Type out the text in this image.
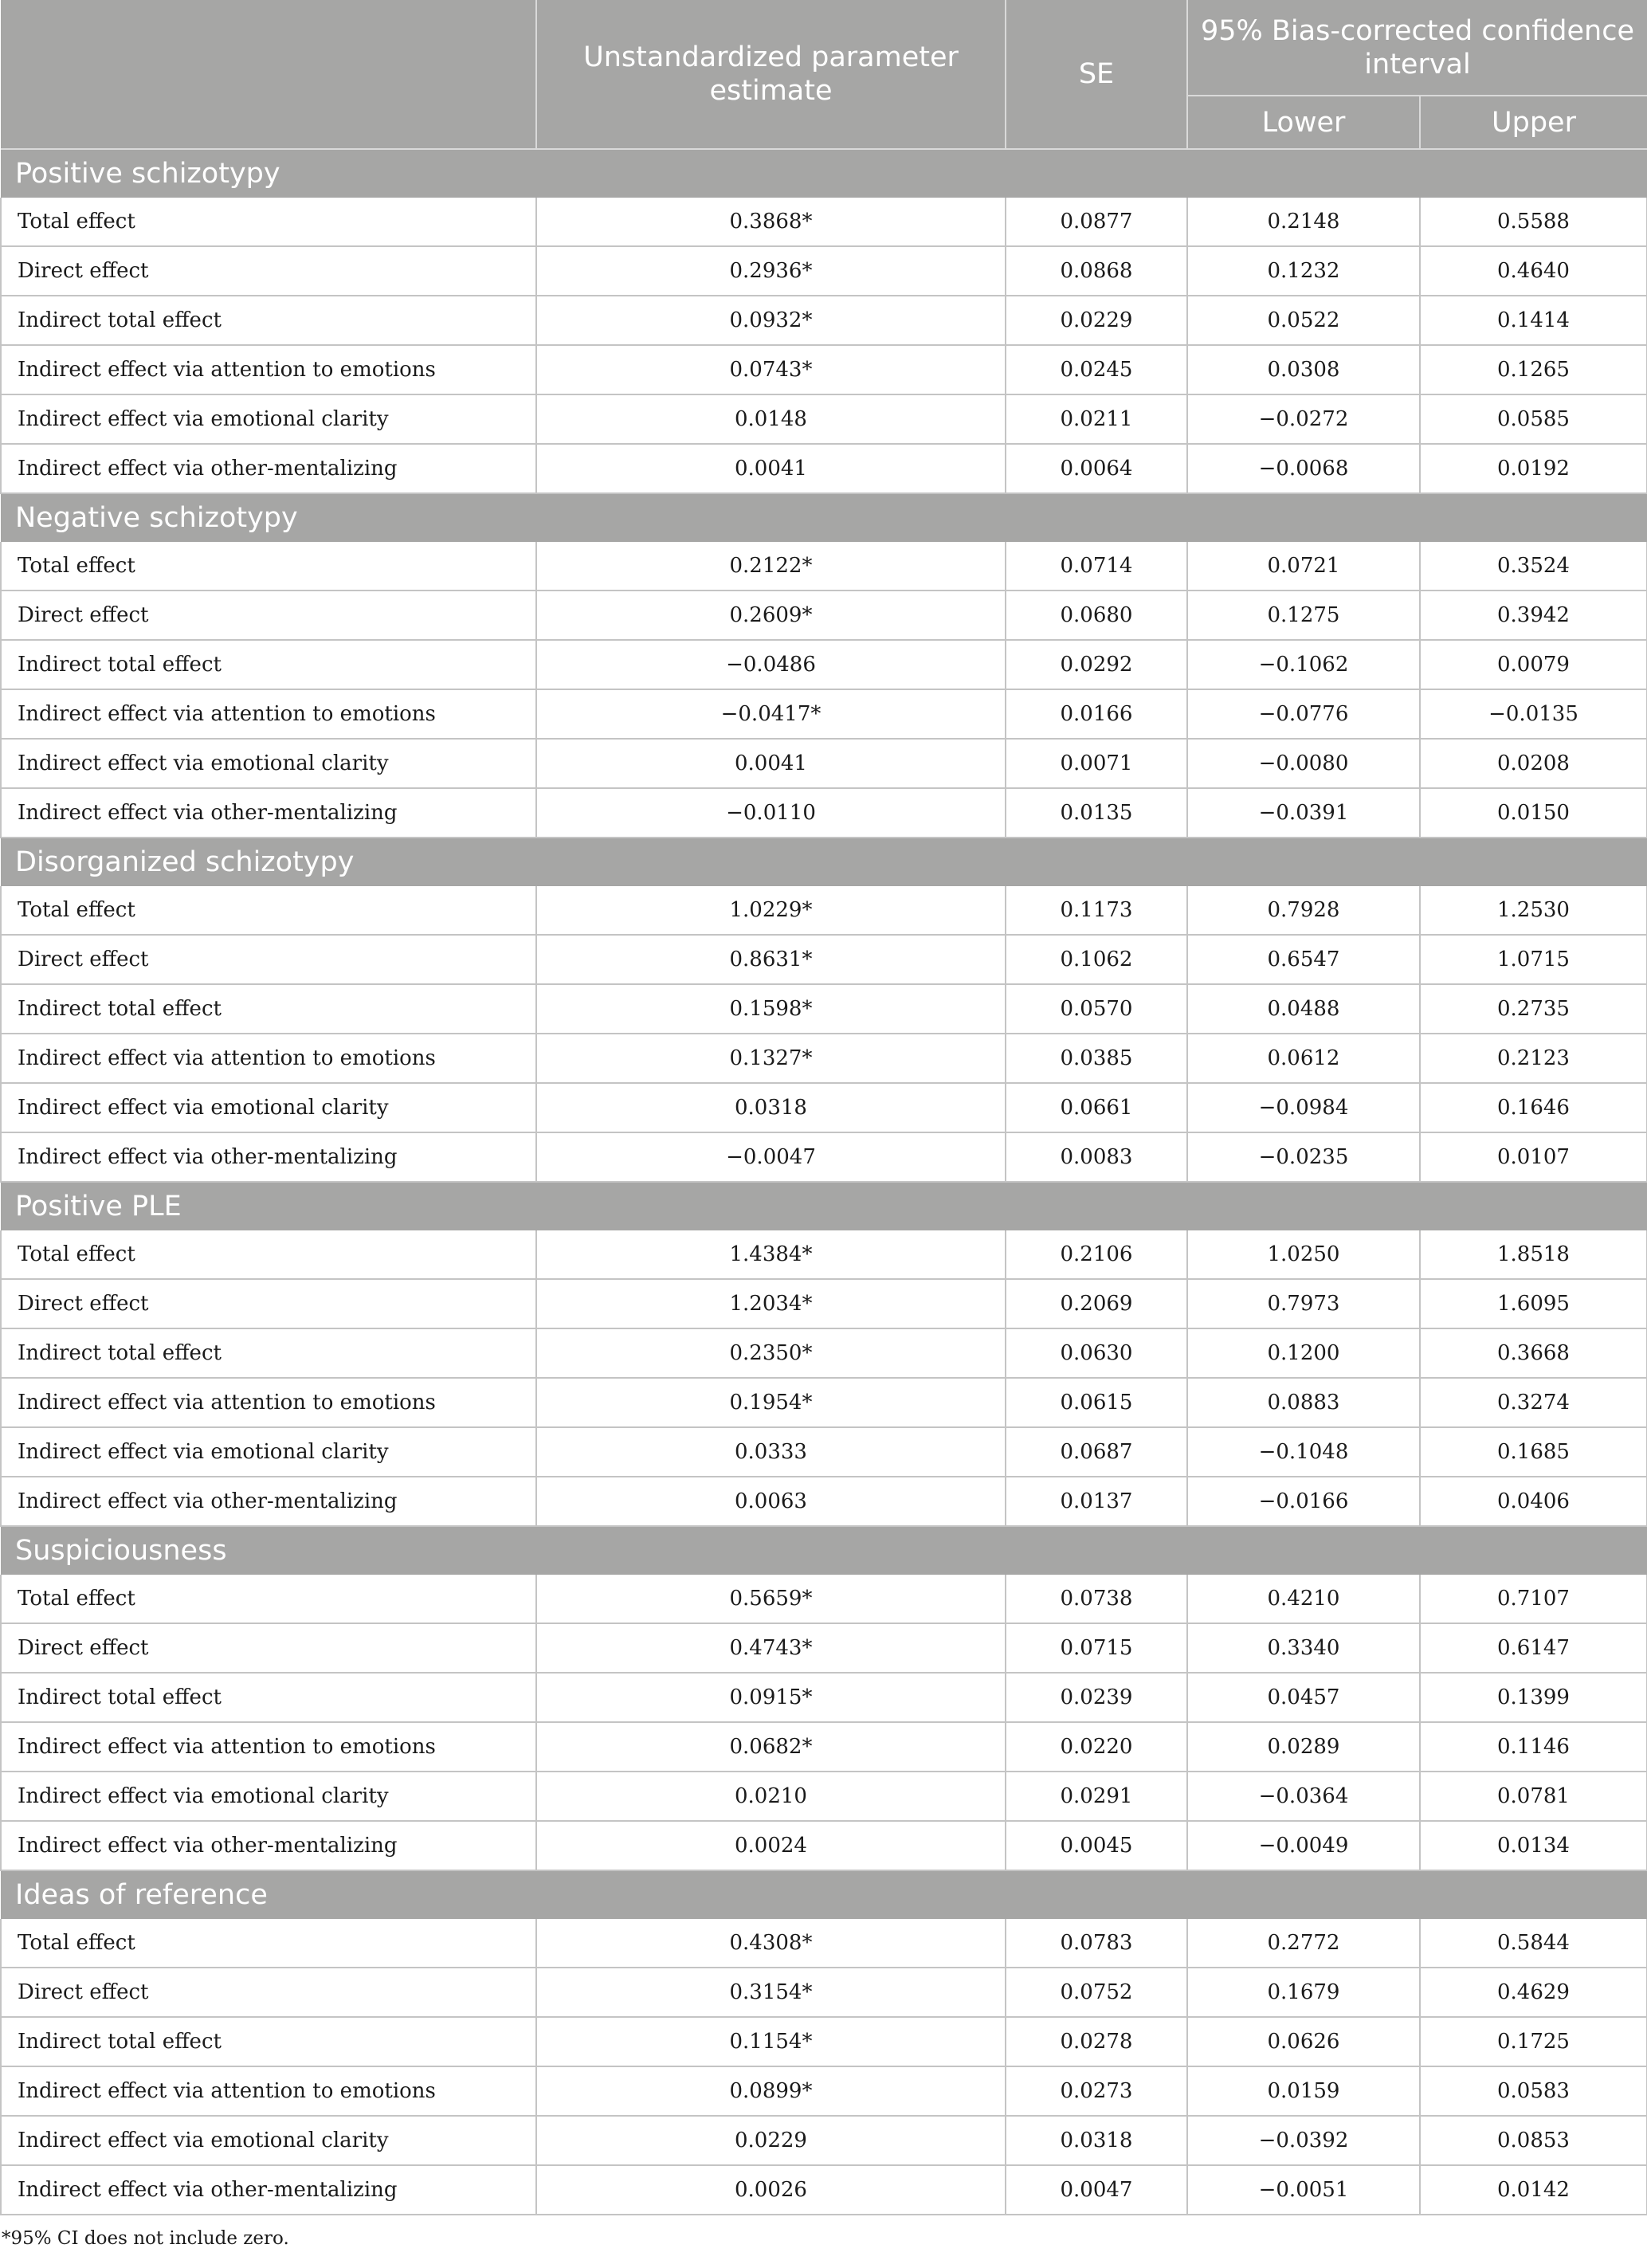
	Unstandardized parameter estimate	SE	95% Bias-corrected confidence interval	
			Lower	Upper
Positive schizotypy				
Total effect	0.3868*	0.0877	0.2148	0.5588
Direct effect	0.2936*	0.0868	0.1232	0.4640
Indirect total effect	0.0932*	0.0229	0.0522	0.1414
Indirect effect via attention to emotions	0.0743*	0.0245	0.0308	0.1265
Indirect effect via emotional clarity	0.0148	0.0211	−0.0272	0.0585
Indirect effect via other-mentalizing	0.0041	0.0064	−0.0068	0.0192
Negative schizotypy				
Total effect	0.2122*	0.0714	0.0721	0.3524
Direct effect	0.2609*	0.0680	0.1275	0.3942
Indirect total effect	−0.0486	0.0292	−0.1062	0.0079
Indirect effect via attention to emotions	−0.0417*	0.0166	−0.0776	−0.0135
Indirect effect via emotional clarity	0.0041	0.0071	−0.0080	0.0208
Indirect effect via other-mentalizing	−0.0110	0.0135	−0.0391	0.0150
Disorganized schizotypy				
Total effect	1.0229*	0.1173	0.7928	1.2530
Direct effect	0.8631*	0.1062	0.6547	1.0715
Indirect total effect	0.1598*	0.0570	0.0488	0.2735
Indirect effect via attention to emotions	0.1327*	0.0385	0.0612	0.2123
Indirect effect via emotional clarity	0.0318	0.0661	−0.0984	0.1646
Indirect effect via other-mentalizing	−0.0047	0.0083	−0.0235	0.0107
Positive PLE				
Total effect	1.4384*	0.2106	1.0250	1.8518
Direct effect	1.2034*	0.2069	0.7973	1.6095
Indirect total effect	0.2350*	0.0630	0.1200	0.3668
Indirect effect via attention to emotions	0.1954*	0.0615	0.0883	0.3274
Indirect effect via emotional clarity	0.0333	0.0687	−0.1048	0.1685
Indirect effect via other-mentalizing	0.0063	0.0137	−0.0166	0.0406
Suspiciousness				
Total effect	0.5659*	0.0738	0.4210	0.7107
Direct effect	0.4743*	0.0715	0.3340	0.6147
Indirect total effect	0.0915*	0.0239	0.0457	0.1399
Indirect effect via attention to emotions	0.0682*	0.0220	0.0289	0.1146
Indirect effect via emotional clarity	0.0210	0.0291	−0.0364	0.0781
Indirect effect via other-mentalizing	0.0024	0.0045	−0.0049	0.0134
Ideas of reference				
Total effect	0.4308*	0.0783	0.2772	0.5844
Direct effect	0.3154*	0.0752	0.1679	0.4629
Indirect total effect	0.1154*	0.0278	0.0626	0.1725
Indirect effect via attention to emotions	0.0899*	0.0273	0.0159	0.0583
Indirect effect via emotional clarity	0.0229	0.0318	−0.0392	0.0853
Indirect effect via other-mentalizing	0.0026	0.0047	−0.0051	0.0142
*95% CI does not include zero.
